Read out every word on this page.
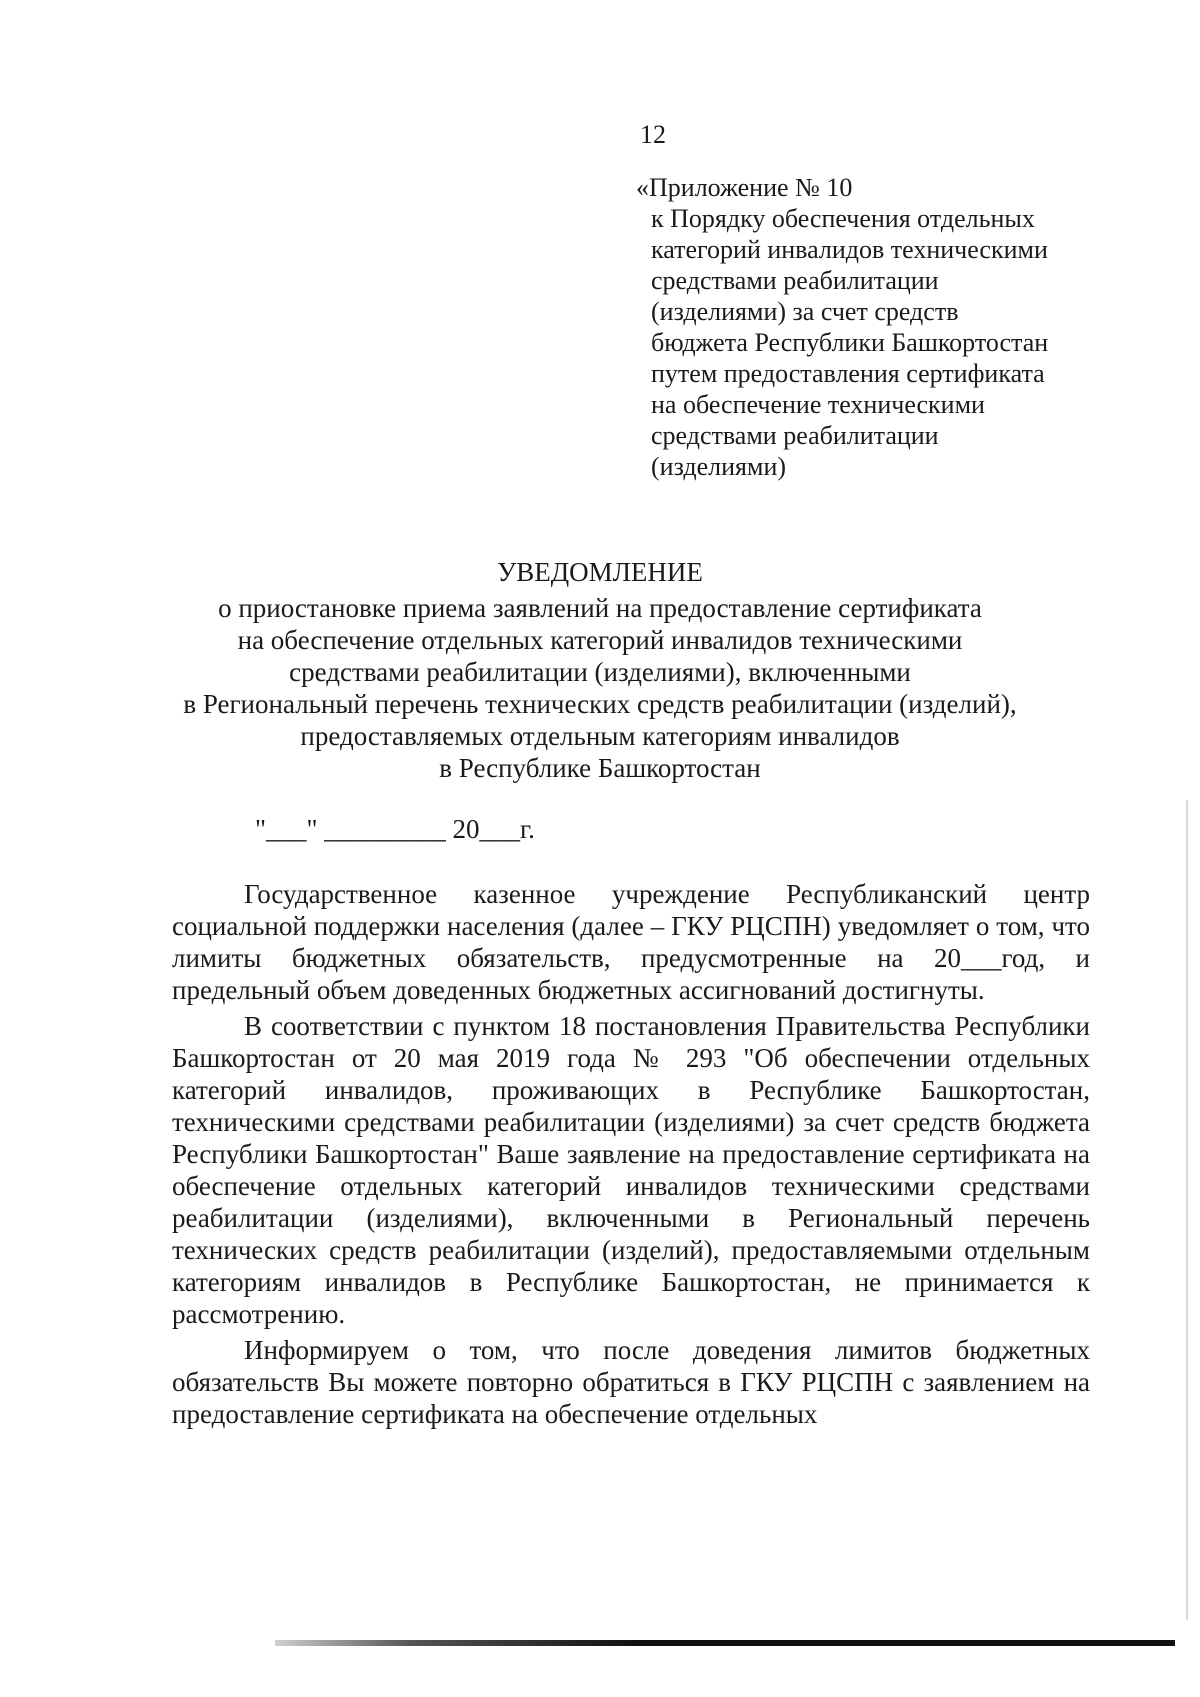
12
«Приложение № 10
к Порядку обеспечения отдельных
категорий инвалидов техническими
средствами реабилитации
(изделиями) за счет средств
бюджета Республики Башкортостан
путем предоставления сертификата
на обеспечение техническими
средствами реабилитации
(изделиями)
УВЕДОМЛЕНИЕ
о приостановке приема заявлений на предоставление сертификата
на обеспечение отдельных категорий инвалидов техническими
средствами реабилитации (изделиями), включенными
в Региональный перечень технических средств реабилитации (изделий),
предоставляемых отдельным категориям инвалидов
в Республике Башкортостан
"___" _________ 20___г.

Государственное казенное учреждение Республиканский центр социальной поддержки населения (далее – ГКУ РЦСПН) уведомляет о том, что лимиты бюджетных обязательств, предусмотренные на 20___год, и предельный объем доведенных бюджетных ассигнований достигнуты.

В соответствии с пунктом 18 постановления Правительства Республики Башкортостан от 20 мая 2019 года № 293 "Об обеспечении отдельных категорий инвалидов, проживающих в Республике Башкортостан, техническими средствами реабилитации (изделиями) за счет средств бюджета Республики Башкортостан" Ваше заявление на предоставление сертификата на обеспечение отдельных категорий инвалидов техническими средствами реабилитации (изделиями), включенными в Региональный перечень технических средств реабилитации (изделий), предоставляемыми отдельным категориям инвалидов в Республике Башкортостан, не принимается к рассмотрению.

Информируем о том, что после доведения лимитов бюджетных обязательств Вы можете повторно обратиться в ГКУ РЦСПН с заявлением на предоставление сертификата на обеспечение отдельных
